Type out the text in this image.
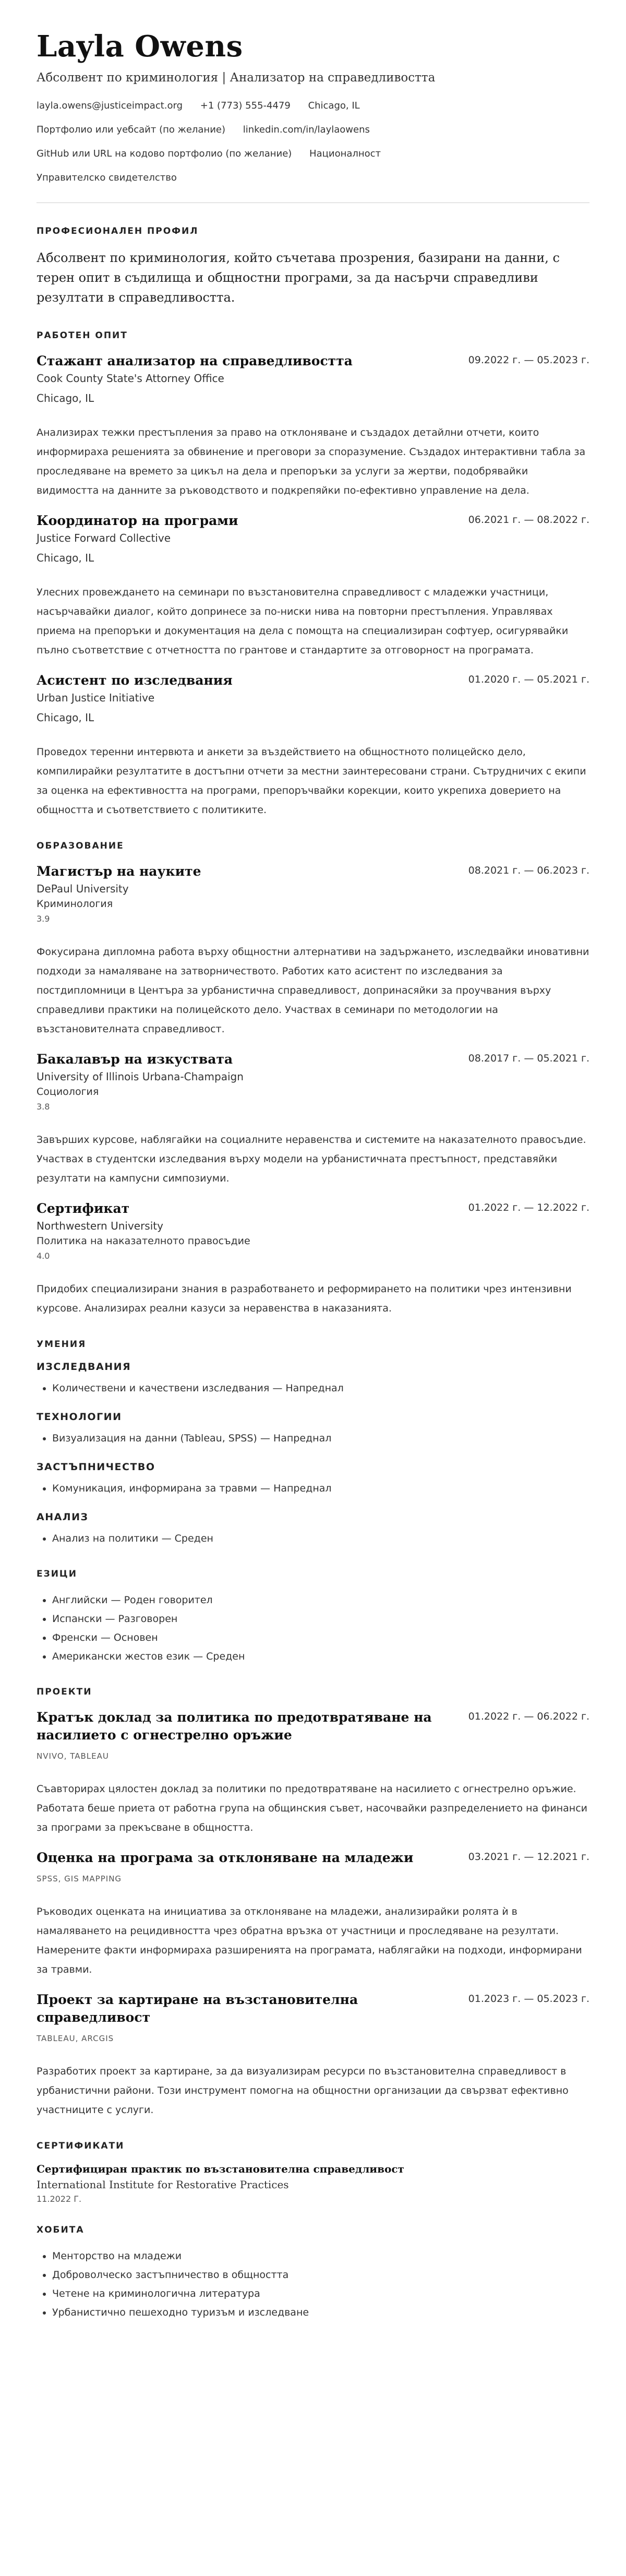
Layla Owens
Абсолвент по криминология | Анализатор на справедливостта
layla.owens@justiceimpact.org +1 (773) 555-4479 Chicago, IL
Портфолио или уебсайт (по желание) linkedin.com/in/laylaowens
GitHub или URL на кодово портфолио (по желание) Националност
Управителско свидетелство
ПРОФЕСИОНАЛЕН ПРОФИЛ
Абсолвент по криминология, който съчетава прозрения, базирани на данни, с терен опит в съдилища и общностни програми, за да насърчи справедливи резултати в справедливостта.
РАБОТЕН ОПИТ
Стажант анализатор на справедливостта	09.2022 г. — 05.2023 г.
Cook County State's Attorney Office
Chicago, IL
Анализирах тежки престъпления за право на отклоняване и създадох детайлни отчети, които информираха решенията за обвинение и преговори за споразумение. Създадох интерактивни табла за проследяване на времето за цикъл на дела и препоръки за услуги за жертви, подобрявайки видимостта на данните за ръководството и подкрепяйки по-ефективно управление на дела.
Координатор на програми	06.2021 г. — 08.2022 г.
Justice Forward Collective
Chicago, IL
Улесних провеждането на семинари по възстановителна справедливост с младежки участници, насърчавайки диалог, който допринесе за по-ниски нива на повторни престъпления. Управлявах приема на препоръки и документация на дела с помощта на специализиран софтуер, осигурявайки пълно съответствие с отчетността по грантове и стандартите за отговорност на програмата.
Асистент по изследвания	01.2020 г. — 05.2021 г.
Urban Justice Initiative
Chicago, IL
Проведох теренни интервюта и анкети за въздействието на общностното полицейско дело, компилирайки резултатите в достъпни отчети за местни заинтересовани страни. Сътрудничих с екипи за оценка на ефективността на програми, препоръчвайки корекции, които укрепиха доверието на общността и съответствието с политиките.
ОБРАЗОВАНИЕ
Магистър на науките	08.2021 г. — 06.2023 г.
DePaul University
Криминология
3.9
Фокусирана дипломна работа върху общностни алтернативи на задържането, изследвайки иновативни подходи за намаляване на затворничеството. Работих като асистент по изследвания за постдипломници в Центъра за урбанистична справедливост, допринасяйки за проучвания върху справедливи практики на полицейското дело. Участвах в семинари по методологии на възстановителната справедливост.
Бакалавър на изкуствата	08.2017 г. — 05.2021 г.
University of Illinois Urbana-Champaign
Социология
3.8
Завърших курсове, наблягайки на социалните неравенства и системите на наказателното правосъдие. Участвах в студентски изследвания върху модели на урбанистичната престъпност, представяйки резултати на кампусни симпозиуми.
Сертификат	01.2022 г. — 12.2022 г.
Northwestern University
Политика на наказателното правосъдие
4.0
Придобих специализирани знания в разработването и реформирането на политики чрез интензивни курсове. Анализирах реални казуси за неравенства в наказанията.
УМЕНИЯ
ИЗСЛЕДВАНИЯ
• Количествени и качествени изследвания — Напреднал
ТЕХНОЛОГИИ
• Визуализация на данни (Tableau, SPSS) — Напреднал
ЗАСТЪПНИЧЕСТВО
• Комуникация, информирана за травми — Напреднал
АНАЛИЗ
• Анализ на политики — Среден
ЕЗИЦИ
• Английски — Роден говорител
• Испански — Разговорен
• Френски — Основен
• Американски жестов език — Среден
ПРОЕКТИ
Кратък доклад за политика по предотвратяване на насилието с огнестрелно оръжие
01.2022 г. — 06.2022 г.
NVIVO, TABLEAU
Съавторирах цялостен доклад за политики по предотвратяване на насилието с огнестрелно оръжие. Работата беше приета от работна група на общинския съвет, насочвайки разпределението на финанси за програми за прекъсване в общността.
Оценка на програма за отклоняване на младежи	03.2021 г. — 12.2021 г.
SPSS, GIS MAPPING
Ръководих оценката на инициатива за отклоняване на младежи, анализирайки ролята ѝ в намаляването на рецидивността чрез обратна връзка от участници и проследяване на резултати. Намерените факти информираха разширенията на програмата, наблягайки на подходи, информирани за травми.
Проект за картиране на възстановителна справедливост
01.2023 г. — 05.2023 г.
TABLEAU, ARCGIS
Разработих проект за картиране, за да визуализирам ресурси по възстановителна справедливост в урбанистични райони. Този инструмент помогна на общностни организации да свързват ефективно участниците с услуги.
СЕРТИФИКАТИ
Сертифициран практик по възстановителна справедливост
International Institute for Restorative Practices
11.2022 Г.
ХОБИТА
• Менторство на младежи
• Доброволческо застъпничество в общността
• Четене на криминологична литература
• Урбанистично пешеходно туризъм и изследване
